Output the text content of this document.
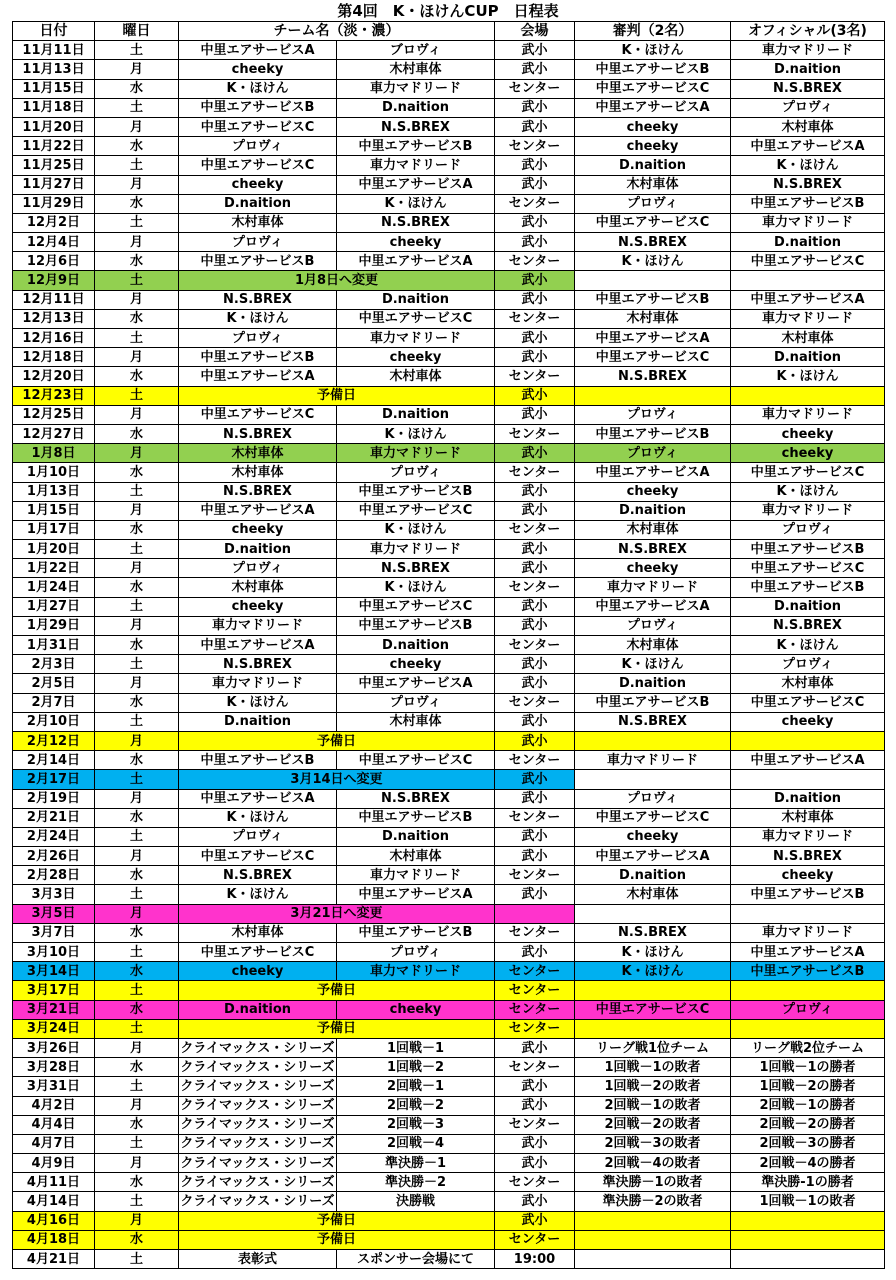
第4回　K・ほけんCUP　日程表
日付	曜日	チーム名（淡・濃）		会場	審判（2名）	オフィシャル(3名)
11月11日	土	中里エアサービスA	ブロヴィ	武小	K・ほけん	車力マドリード
11月13日	月	cheeky	木村車体	武小	中里エアサービスB	D.naition
11月15日	水	K・ほけん	車力マドリード	センター	中里エアサービスC	N.S.BREX
11月18日	土	中里エアサービスB	D.naition	武小	中里エアサービスA	プロヴィ
11月20日	月	中里エアサービスC	N.S.BREX	武小	cheeky	木村車体
11月22日	水	プロヴィ	中里エアサービスB	センター	cheeky	中里エアサービスA
11月25日	土	中里エアサービスC	車力マドリード	武小	D.naition	K・ほけん
11月27日	月	cheeky	中里エアサービスA	武小	木村車体	N.S.BREX
11月29日	水	D.naition	K・ほけん	センター	プロヴィ	中里エアサービスB
12月2日	土	木村車体	N.S.BREX	武小	中里エアサービスC	車力マドリード
12月4日	月	プロヴィ	cheeky	武小	N.S.BREX	D.naition
12月6日	水	中里エアサービスB	中里エアサービスA	センター	K・ほけん	中里エアサービスC
12月9日	土	1月8日へ変更		武小		
12月11日	月	N.S.BREX	D.naition	武小	中里エアサービスB	中里エアサービスA
12月13日	水	K・ほけん	中里エアサービスC	センター	木村車体	車力マドリード
12月16日	土	プロヴィ	車力マドリード	武小	中里エアサービスA	木村車体
12月18日	月	中里エアサービスB	cheeky	武小	中里エアサービスC	D.naition
12月20日	水	中里エアサービスA	木村車体	センター	N.S.BREX	K・ほけん
12月23日	土	予備日		武小		
12月25日	月	中里エアサービスC	D.naition	武小	プロヴィ	車力マドリード
12月27日	水	N.S.BREX	K・ほけん	センター	中里エアサービスB	cheeky
1月8日	月	木村車体	車力マドリード	武小	プロヴィ	cheeky
1月10日	水	木村車体	プロヴィ	センター	中里エアサービスA	中里エアサービスC
1月13日	土	N.S.BREX	中里エアサービスB	武小	cheeky	K・ほけん
1月15日	月	中里エアサービスA	中里エアサービスC	武小	D.naition	車力マドリード
1月17日	水	cheeky	K・ほけん	センター	木村車体	プロヴィ
1月20日	土	D.naition	車力マドリード	武小	N.S.BREX	中里エアサービスB
1月22日	月	プロヴィ	N.S.BREX	武小	cheeky	中里エアサービスC
1月24日	水	木村車体	K・ほけん	センター	車力マドリード	中里エアサービスB
1月27日	土	cheeky	中里エアサービスC	武小	中里エアサービスA	D.naition
1月29日	月	車力マドリード	中里エアサービスB	武小	プロヴィ	N.S.BREX
1月31日	水	中里エアサービスA	D.naition	センター	木村車体	K・ほけん
2月3日	土	N.S.BREX	cheeky	武小	K・ほけん	プロヴィ
2月5日	月	車力マドリード	中里エアサービスA	武小	D.naition	木村車体
2月7日	水	K・ほけん	プロヴィ	センター	中里エアサービスB	中里エアサービスC
2月10日	土	D.naition	木村車体	武小	N.S.BREX	cheeky
2月12日	月	予備日		武小		
2月14日	水	中里エアサービスB	中里エアサービスC	センター	車力マドリード	中里エアサービスA
2月17日	土	3月14日へ変更		武小		
2月19日	月	中里エアサービスA	N.S.BREX	武小	プロヴィ	D.naition
2月21日	水	K・ほけん	中里エアサービスB	センター	中里エアサービスC	木村車体
2月24日	土	プロヴィ	D.naition	武小	cheeky	車力マドリード
2月26日	月	中里エアサービスC	木村車体	武小	中里エアサービスA	N.S.BREX
2月28日	水	N.S.BREX	車力マドリード	センター	D.naition	cheeky
3月3日	土	K・ほけん	中里エアサービスA	武小	木村車体	中里エアサービスB
3月5日	月	3月21日へ変更				
3月7日	水	木村車体	中里エアサービスB	センター	N.S.BREX	車力マドリード
3月10日	土	中里エアサービスC	プロヴィ	武小	K・ほけん	中里エアサービスA
3月14日	水	cheeky	車力マドリード	センター	K・ほけん	中里エアサービスB
3月17日	土	予備日		センター		
3月21日	水	D.naition	cheeky	センター	中里エアサービスC	プロヴィ
3月24日	土	予備日		センター		
3月26日	月	クライマックス・シリーズ	1回戦－1	武小	リーグ戦1位チーム	リーグ戦2位チーム
3月28日	水	クライマックス・シリーズ	1回戦－2	センター	1回戦－1の敗者	1回戦－1の勝者
3月31日	土	クライマックス・シリーズ	2回戦－1	武小	1回戦－2の敗者	1回戦－2の勝者
4月2日	月	クライマックス・シリーズ	2回戦－2	武小	2回戦－1の敗者	2回戦－1の勝者
4月4日	水	クライマックス・シリーズ	2回戦－3	センター	2回戦－2の敗者	2回戦－2の勝者
4月7日	土	クライマックス・シリーズ	2回戦－4	武小	2回戦－3の敗者	2回戦－3の勝者
4月9日	月	クライマックス・シリーズ	準決勝－1	武小	2回戦－4の敗者	2回戦－4の勝者
4月11日	水	クライマックス・シリーズ	準決勝－2	センター	準決勝－1の敗者	準決勝-1の勝者
4月14日	土	クライマックス・シリーズ	決勝戦	武小	準決勝－2の敗者	1回戦－1の敗者
4月16日	月	予備日		武小		
4月18日	水	予備日		センター		
4月21日	土	表彰式	スポンサー会場にて	19:00		
